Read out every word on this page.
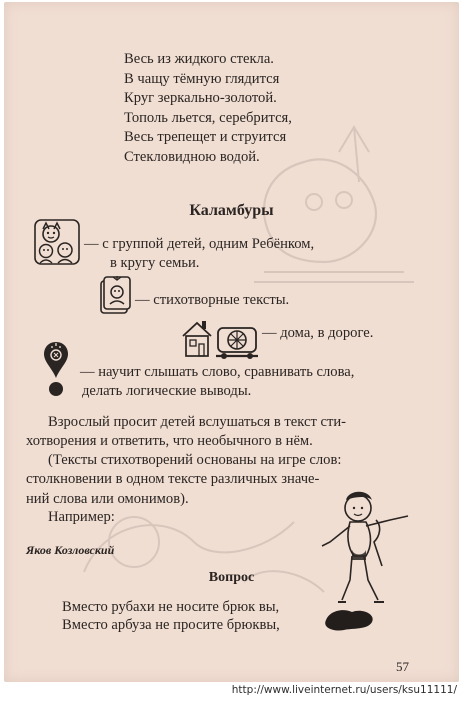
Весь из жидкого стекла.
В чащу тёмную глядится
Круг зеркально-золотой.
Тополь льется, серебрится,
Весь трепещет и струится
Стекловидною водой.
Каламбуры
— с группой детей, одним Ребёнком,
в кругу семьи.
— стихотворные тексты.
— дома, в дороге.
— научит слышать слово, сравнивать слова,
делать логические выводы.
Взрослый просит детей вслушаться в текст сти-
хотворения и ответить, что необычного в нём.
(Тексты стихотворений основаны на игре слов:
столкновении в одном тексте различных значе-
ний слова или омонимов).
Например:
Яков Козловский
Вопрос
Вместо рубахи не носите брюк вы,
Вместо арбуза не просите брюквы,
57
http://www.liveinternet.ru/users/ksu11111/
